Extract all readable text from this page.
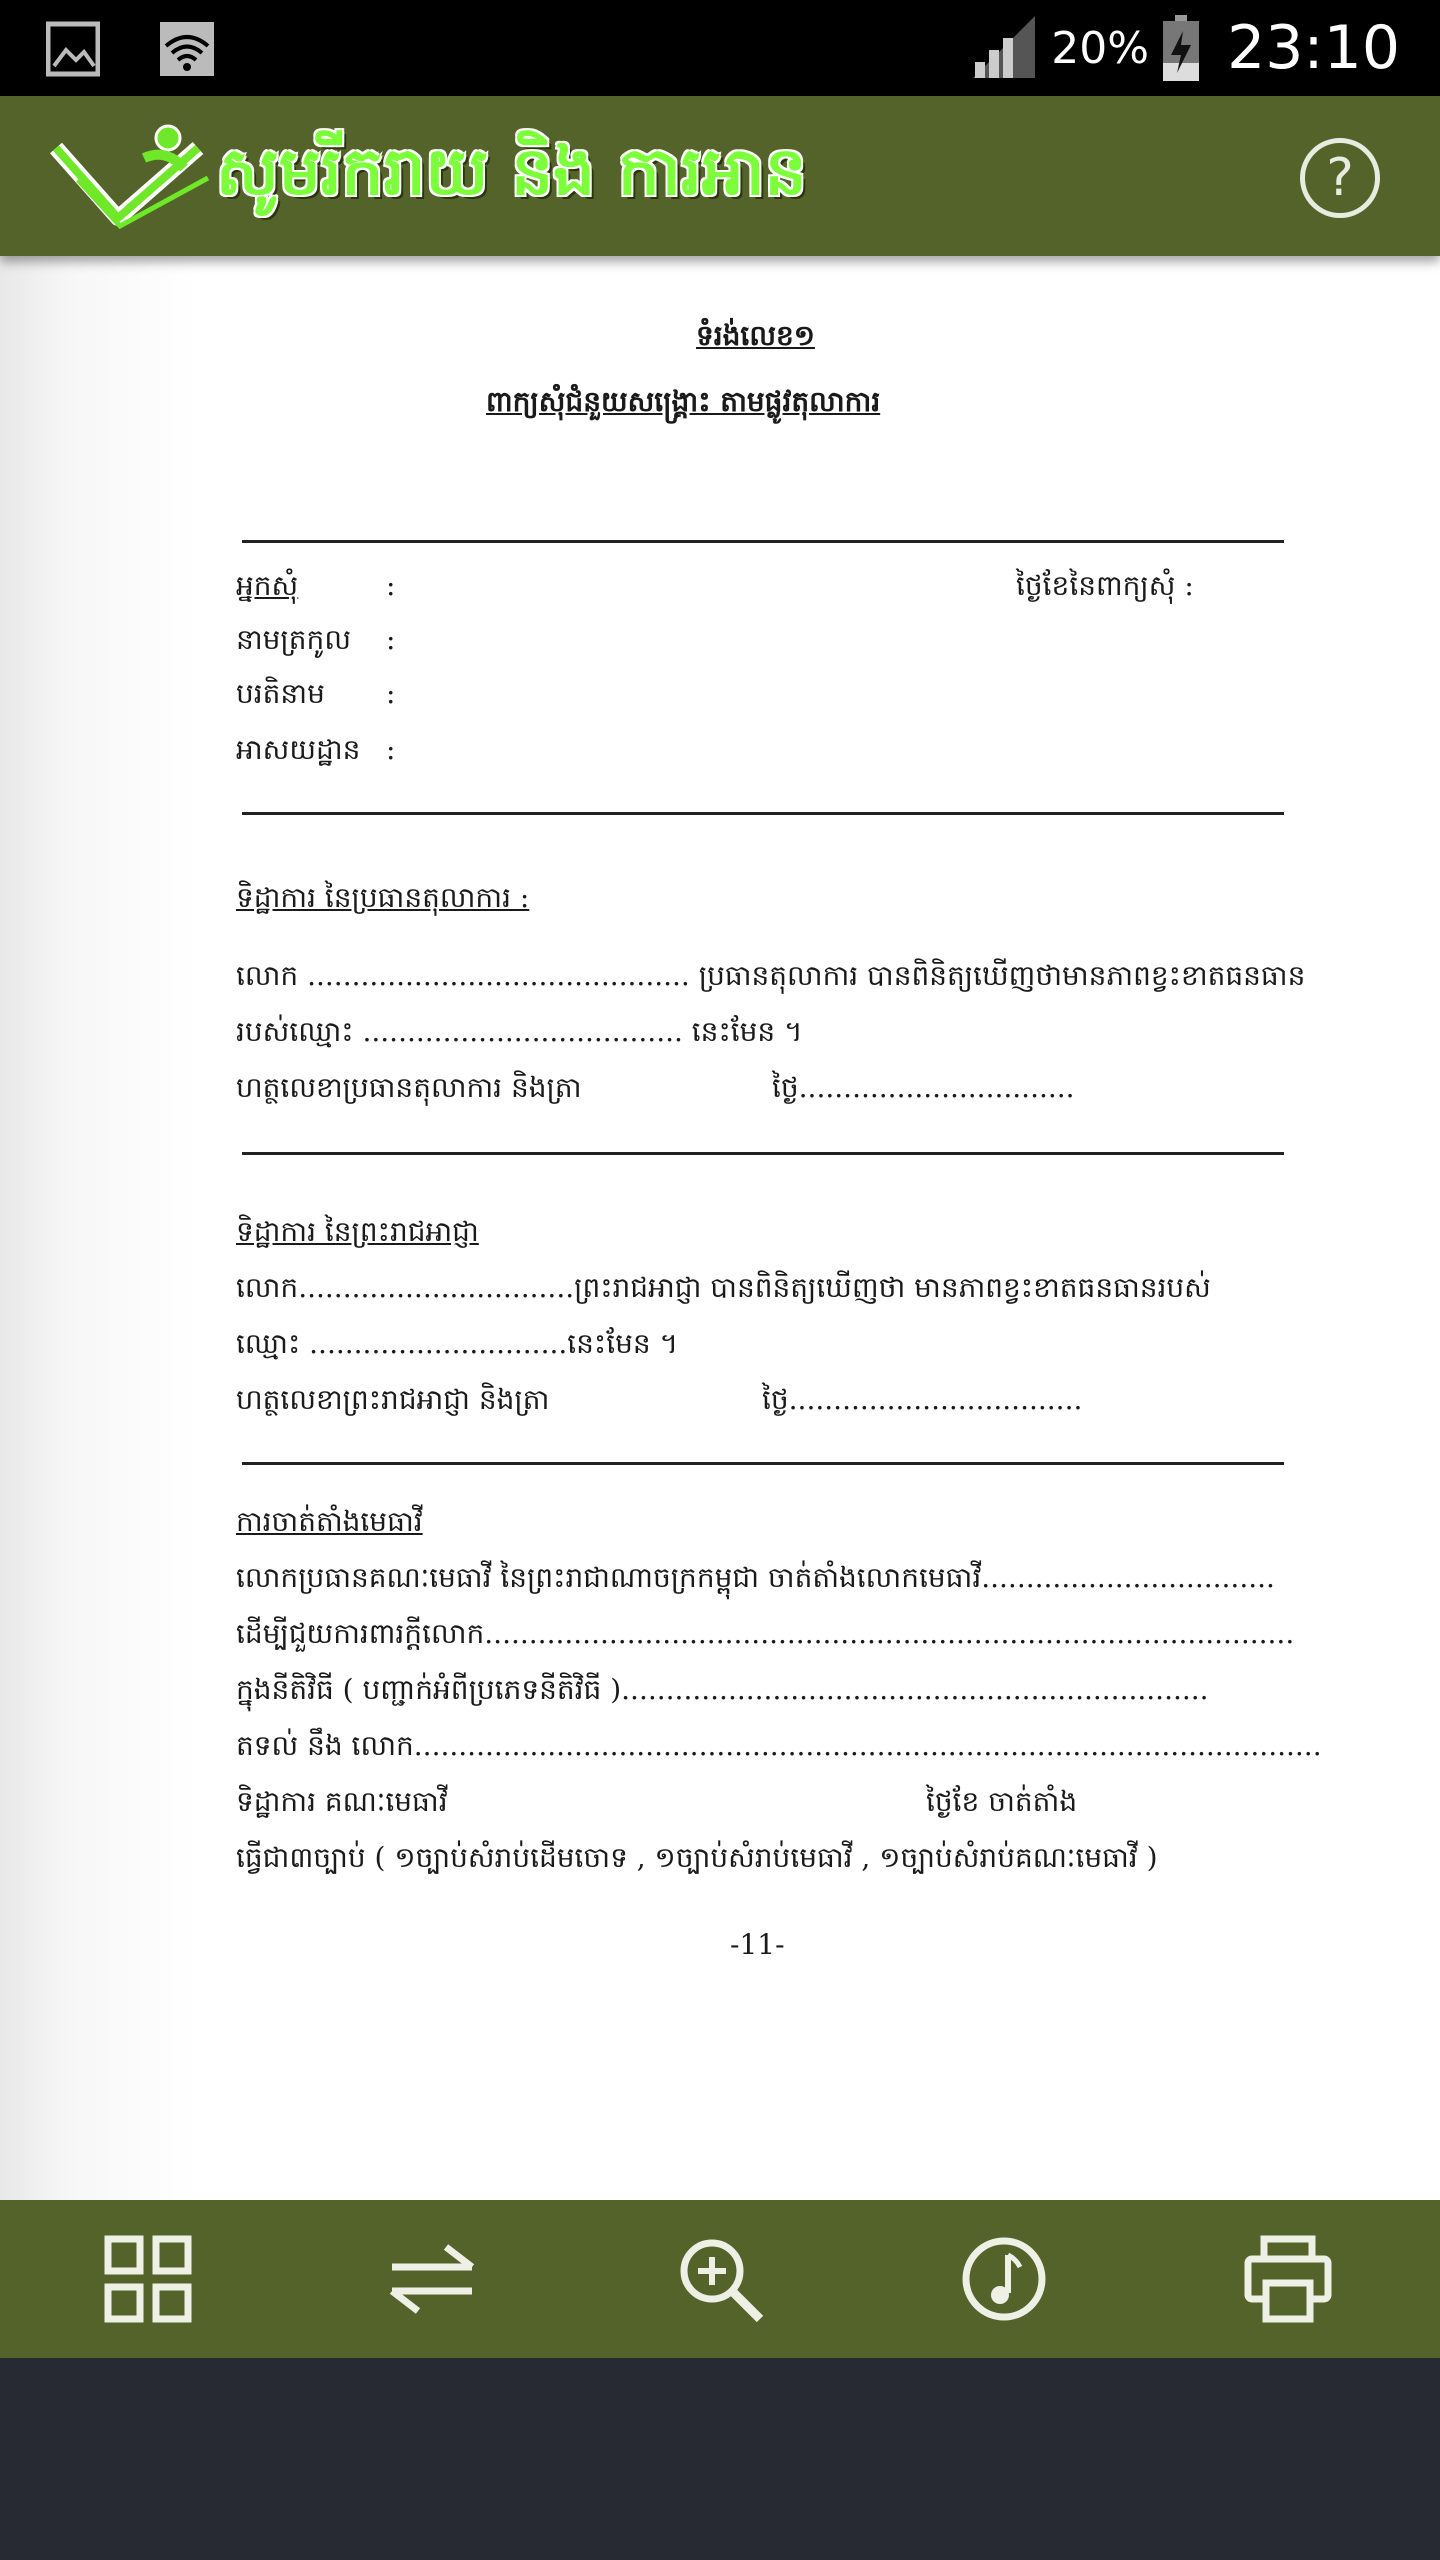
20% 23:10
សូមរីករាយ និង ការអាន	?
ទំរង់លេខ១
ពាក្យសុំជំនួយសង្គ្រោះ តាមផ្លូវតុលាការ
អ្នកសុំ	:	ថ្ងៃខែនៃពាក្យសុំ :
នាមត្រកូល :
បរតិនាម :
អាសយដ្ឋាន :
ទិដ្ឋាការ នៃប្រធានតុលាការ :
លោក ........................................... ប្រធានតុលាការ បានពិនិត្យឃើញថាមានភាពខ្វះខាតធនធាន
របស់ឈ្មោះ .................................... នេះមែន ។
ហត្ថលេខាប្រធានតុលាការ និងត្រា	ថ្ងៃ...............................
ទិដ្ឋាការ នៃព្រះរាជអាជ្ញា
លោក...............................ព្រះរាជអាជ្ញា បានពិនិត្យឃើញថា មានភាពខ្វះខាតធនធានរបស់
ឈ្មោះ .............................នេះមែន ។
ហត្ថលេខាព្រះរាជអាជ្ញា និងត្រា	ថ្ងៃ.................................
ការចាត់តាំងមេធាវី
លោកប្រធានគណៈមេធាវី នៃព្រះរាជាណាចក្រកម្ពុជា ចាត់តាំងលោកមេធាវី.................................
ដើម្បីជួយការពារក្ដីលោក...........................................................................................
ក្នុងនីតិវិធី ( បញ្ជាក់អំពីប្រភេទនីតិវិធី )..................................................................
តទល់ នឹង លោក......................................................................................................
ទិដ្ឋាការ គណៈមេធាវី	ថ្ងៃខែ ចាត់តាំង
ធ្វើជា៣ច្បាប់ ( ១ច្បាប់សំរាប់ដើមចោទ , ១ច្បាប់សំរាប់មេធាវី , ១ច្បាប់សំរាប់គណៈមេធាវី )
-11-
